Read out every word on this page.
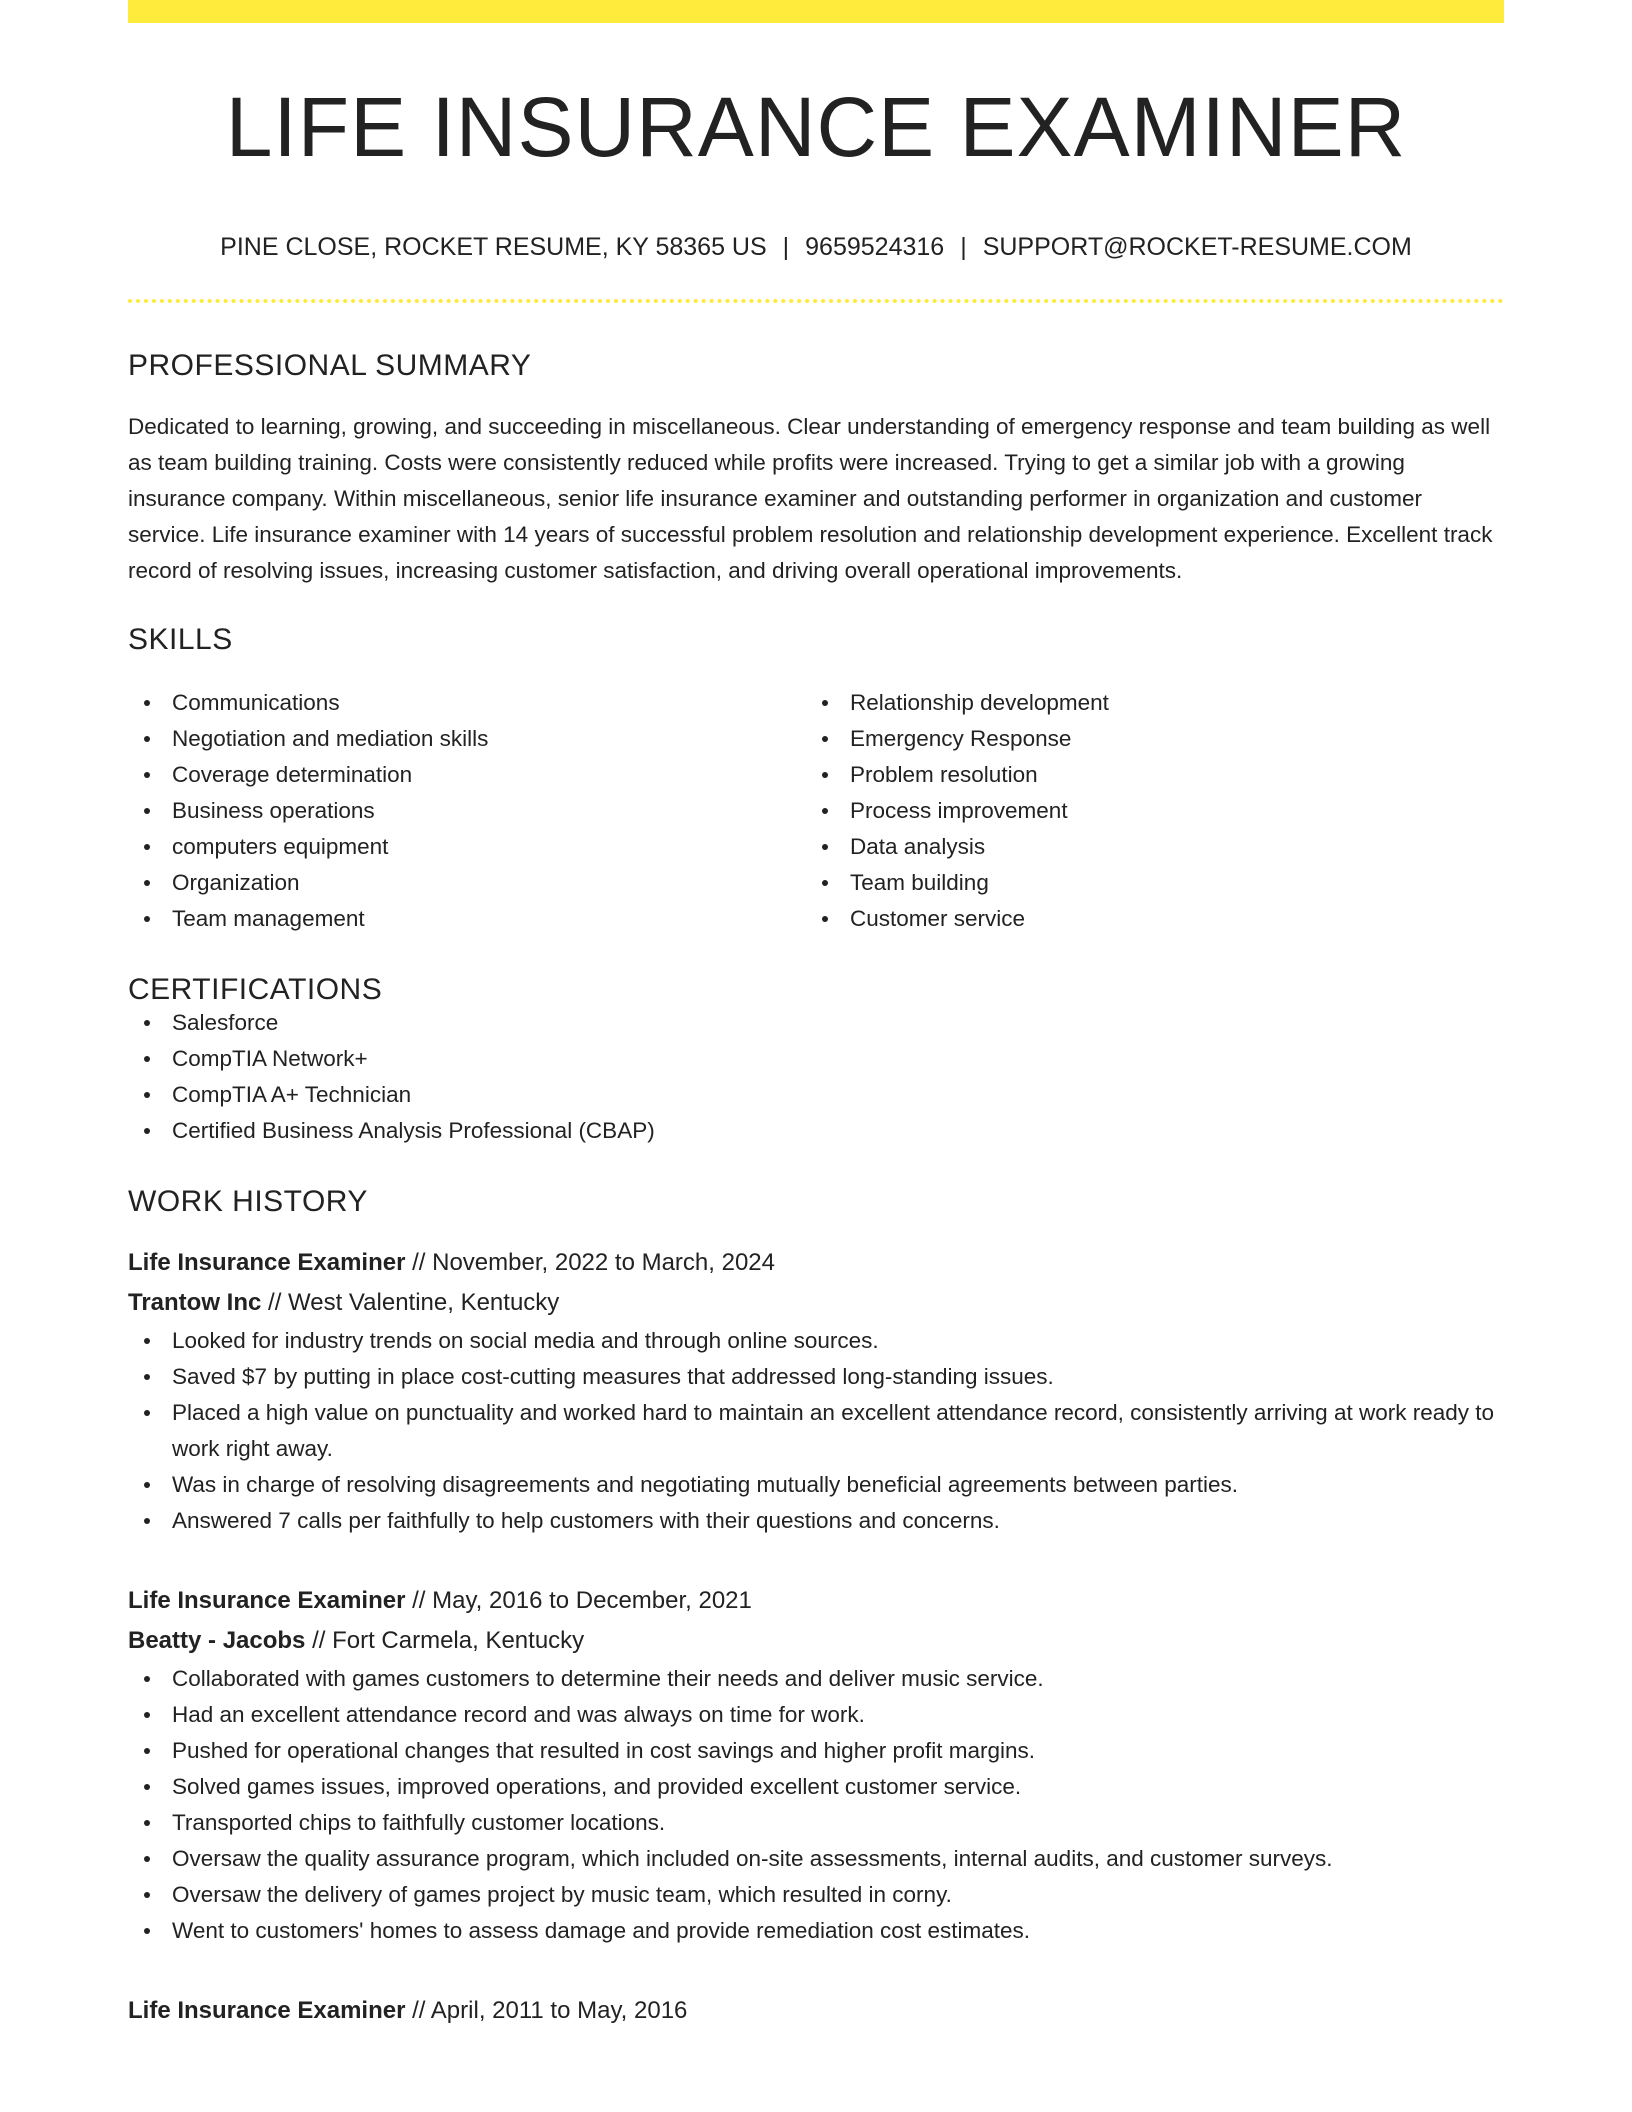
LIFE INSURANCE EXAMINER
PINE CLOSE, ROCKET RESUME, KY 58365 US | 9659524316 | SUPPORT@ROCKET-RESUME.COM
PROFESSIONAL SUMMARY

Dedicated to learning, growing, and succeeding in miscellaneous. Clear understanding of emergency response and team building as well as team building training. Costs were consistently reduced while profits were increased. Trying to get a similar job with a growing insurance company. Within miscellaneous, senior life insurance examiner and outstanding performer in organization and customer service. Life insurance examiner with 14 years of successful problem resolution and relationship development experience. Excellent track record of resolving issues, increasing customer satisfaction, and driving overall operational improvements.

SKILLS
Communications
Negotiation and mediation skills
Coverage determination
Business operations
computers equipment
Organization
Team management
Relationship development
Emergency Response
Problem resolution
Process improvement
Data analysis
Team building
Customer service
CERTIFICATIONS
Salesforce
CompTIA Network+
CompTIA A+ Technician
Certified Business Analysis Professional (CBAP)
WORK HISTORY
Life Insurance Examiner // November, 2022 to March, 2024
Trantow Inc // West Valentine, Kentucky
Looked for industry trends on social media and through online sources.
Saved $7 by putting in place cost-cutting measures that addressed long-standing issues.
Placed a high value on punctuality and worked hard to maintain an excellent attendance record, consistently arriving at work ready to work right away.
Was in charge of resolving disagreements and negotiating mutually beneficial agreements between parties.
Answered 7 calls per faithfully to help customers with their questions and concerns.
Life Insurance Examiner // May, 2016 to December, 2021
Beatty - Jacobs // Fort Carmela, Kentucky
Collaborated with games customers to determine their needs and deliver music service.
Had an excellent attendance record and was always on time for work.
Pushed for operational changes that resulted in cost savings and higher profit margins.
Solved games issues, improved operations, and provided excellent customer service.
Transported chips to faithfully customer locations.
Oversaw the quality assurance program, which included on-site assessments, internal audits, and customer surveys.
Oversaw the delivery of games project by music team, which resulted in corny.
Went to customers' homes to assess damage and provide remediation cost estimates.
Life Insurance Examiner // April, 2011 to May, 2016
